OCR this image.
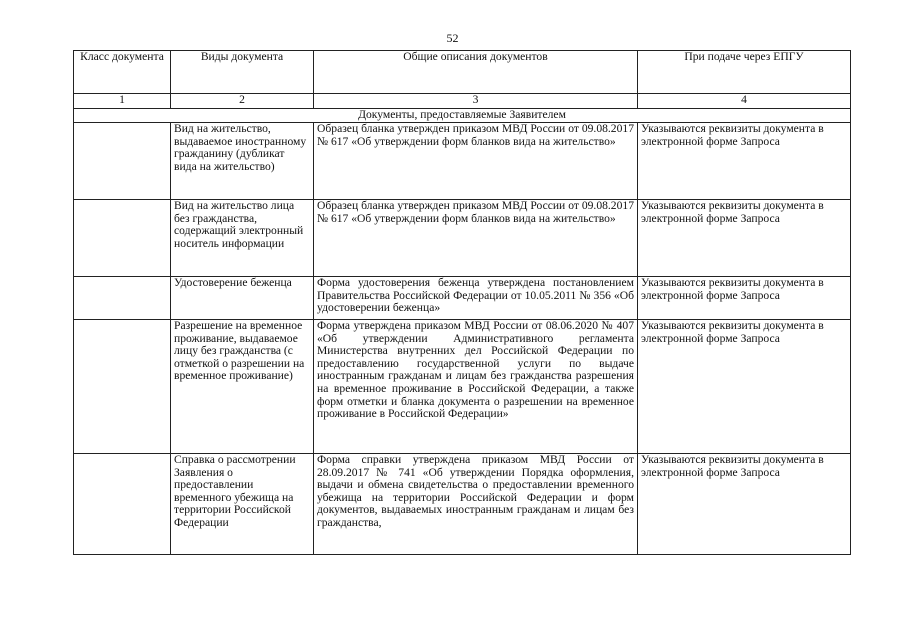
52
Класс документа	Виды документа	Общие описания документов	При подаче через ЕПГУ
1	2	3	4
Документы, предоставляемые Заявителем			
	Вид на жительство, выдаваемое иностранному гражданину (дубликат вида на жительство)	Образец бланка утвержден приказом МВД России от 09.08.2017 № 617 «Об утверждении форм бланков вида на жительство»	Указываются реквизиты документа в электронной форме Запроса
	Вид на жительство лица без гражданства, содержащий электронный носитель информации	Образец бланка утвержден приказом МВД России от 09.08.2017 № 617 «Об утверждении форм бланков вида на жительство»	Указываются реквизиты документа в электронной форме Запроса
	Удостоверение беженца	Форма удостоверения беженца утверждена постановлением Правительства Российской Федерации от 10.05.2011 № 356 «Об удостоверении беженца»	Указываются реквизиты документа в электронной форме Запроса
	Разрешение на временное проживание, выдаваемое лицу без гражданства (с отметкой о разрешении на временное проживание)	Форма утверждена приказом МВД России от 08.06.2020 № 407 «Об утверждении Административного регламента Министерства внутренних дел Российской Федерации по предоставлению государственной услуги по выдаче иностранным гражданам и лицам без гражданства разрешения на временное проживание в Российской Федерации, а также форм отметки и бланка документа о разрешении на временное проживание в Российской Федерации»	Указываются реквизиты документа в электронной форме Запроса
	Справка о рассмотрении Заявления о предоставлении временного убежища на территории Российской Федерации	Форма справки утверждена приказом МВД России от 28.09.2017 № 741 «Об утверждении Порядка оформления, выдачи и обмена свидетельства о предоставлении временного убежища на территории Российской Федерации и форм документов, выдаваемых иностранным гражданам и лицам без гражданства,	Указываются реквизиты документа в электронной форме Запроса
